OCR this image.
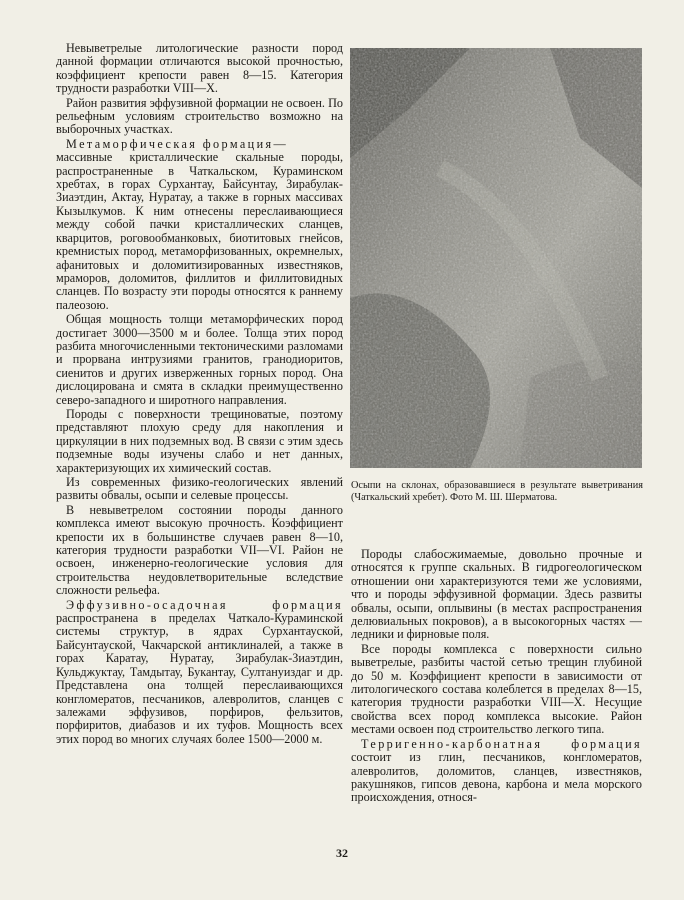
Невыветрелые литологические разности пород данной формации отличаются высокой прочностью, коэффициент крепости равен 8—15. Категория трудности разработки VIII—X.

Район развития эффузивной формации не освоен. По рельефным условиям строительство возможно на выборочных участках.

Метаморфическая формация—
массивные кристаллические скальные породы, распространенные в Чаткальском, Кураминском хребтах, в горах Сурхантау, Байсунтау, Зирабулак-Зиаэтдин, Актау, Нуратау, а также в горных массивах Кызылкумов. К ним отнесены переслаивающиеся между собой пачки кристаллических сланцев, кварцитов, роговообманковых, биотитовых гнейсов, кремнистых пород, метаморфизованных, окремнелых, афанитовых и доломитизированных известняков, мраморов, доломитов, филлитов и филлитовидных сланцев. По возрасту эти породы относятся к раннему палеозою.

Общая мощность толщи метаморфических пород достигает 3000—3500 м и более. Толща этих пород разбита многочисленными тектоническими разломами и прорвана интрузиями гранитов, гранодиоритов, сиенитов и других изверженных горных пород. Она дислоцирована и смята в складки преимущественно северо-западного и широтного направления.

Породы с поверхности трещиноватые, поэтому представляют плохую среду для накопления и циркуляции в них подземных вод. В связи с этим здесь подземные воды изучены слабо и нет данных, характеризующих их химический состав.

Из современных физико-геологических явлений развиты обвалы, осыпи и селевые процессы.

В невыветрелом состоянии породы данного комплекса имеют высокую прочность. Коэффициент крепости их в большинстве случаев равен 8—10, категория трудности разработки VII—VI. Район не освоен, инженерно-геологические условия для строительства неудовлетворительные вследствие сложности рельефа.

Эффузивно-осадочная формация распространена в пределах Чаткало-Кураминской системы структур, в ядрах Сурхантауской, Байсунтауской, Чакчарской антиклиналей, а также в горах Каратау, Нуратау, Зирабулак-Зиаэтдин, Кульджуктау, Тамдытау, Букантау, Султануиздаг и др. Представлена она толщей переслаивающихся конгломератов, песчаников, алевролитов, сланцев с залежами эффузивов, порфиров, фельзитов, порфиритов, диабазов и их туфов. Мощность всех этих пород во многих случаях более 1500—2000 м.

Осыпи на склонах, образовавшиеся в результате выветривания (Чаткальский хребет). Фото М. Ш. Шерматова.

Породы слабосжимаемые, довольно прочные и относятся к группе скальных. В гидрогеологическом отношении они характеризуются теми же условиями, что и породы эффузивной формации. Здесь развиты обвалы, осыпи, оплывины (в местах распространения делювиальных покровов), а в высокогорных частях — ледники и фирновые поля.

Все породы комплекса с поверхности сильно выветрелые, разбиты частой сетью трещин глубиной до 50 м. Коэффициент крепости в зависимости от литологического состава колеблется в пределах 8—15, категория трудности разработки VIII—X. Несущие свойства всех пород комплекса высокие. Район местами освоен под строительство легкого типа.

Терригенно-карбонатная формация состоит из глин, песчаников, конгломератов, алевролитов, доломитов, сланцев, известняков, ракушняков, гипсов девона, карбона и мела морского происхождения, относя-

32
